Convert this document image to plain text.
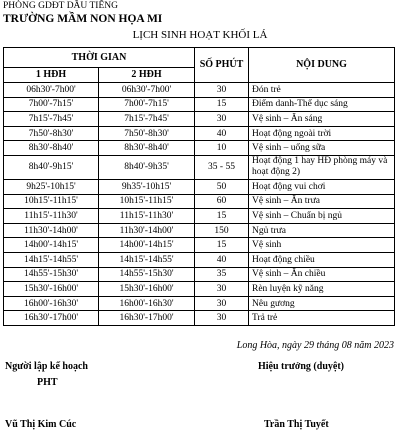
PHÒNG GDĐT DẦU TIẾNG
TRƯỜNG MẦM NON HỌA MI
LỊCH SINH HOẠT KHỐI LÁ
THỜI GIAN		SỐ PHÚT	NỘI DUNG
1 HĐH	2 HĐH		
06h30'-7h00'	06h30'-7h00'	30	Đón trẻ
7h00'-7h15'	7h00'-7h15'	15	Điểm danh-Thể dục sáng
7h15'-7h45'	7h15'-7h45'	30	Vệ sinh – Ăn sáng
7h50'-8h30'	7h50'-8h30'	40	Hoạt động ngoài trời
8h30'-8h40'	8h30'-8h40'	10	Vệ sinh – uống sữa
8h40'-9h15'	8h40'-9h35'	35 - 55	Hoạt động 1 hay HĐ phòng máy và hoạt động 2)
9h25'-10h15'	9h35'-10h15'	50	Hoạt động vui chơi
10h15'-11h15'	10h15'-11h15'	60	Vệ sinh – Ăn trưa
11h15'-11h30'	11h15'-11h30'	15	Vệ sinh – Chuẩn bị ngủ
11h30'-14h00'	11h30'-14h00'	150	Ngủ trưa
14h00'-14h15'	14h00'-14h15'	15	Vệ sinh
14h15'-14h55'	14h15'-14h55'	40	Hoạt động chiều
14h55'-15h30'	14h55'-15h30'	35	Vệ sinh – Ăn chiều
15h30'-16h00'	15h30'-16h00'	30	Rèn luyện kỹ năng
16h00'-16h30'	16h00'-16h30'	30	Nêu gương
16h30'-17h00'	16h30'-17h00'	30	Trả trẻ
Long Hòa, ngày 29 tháng 08 năm 2023
Người lập kế hoạch
PHT
Vũ Thị Kim Cúc
Hiệu trưởng (duyệt)
Trần Thị Tuyết
